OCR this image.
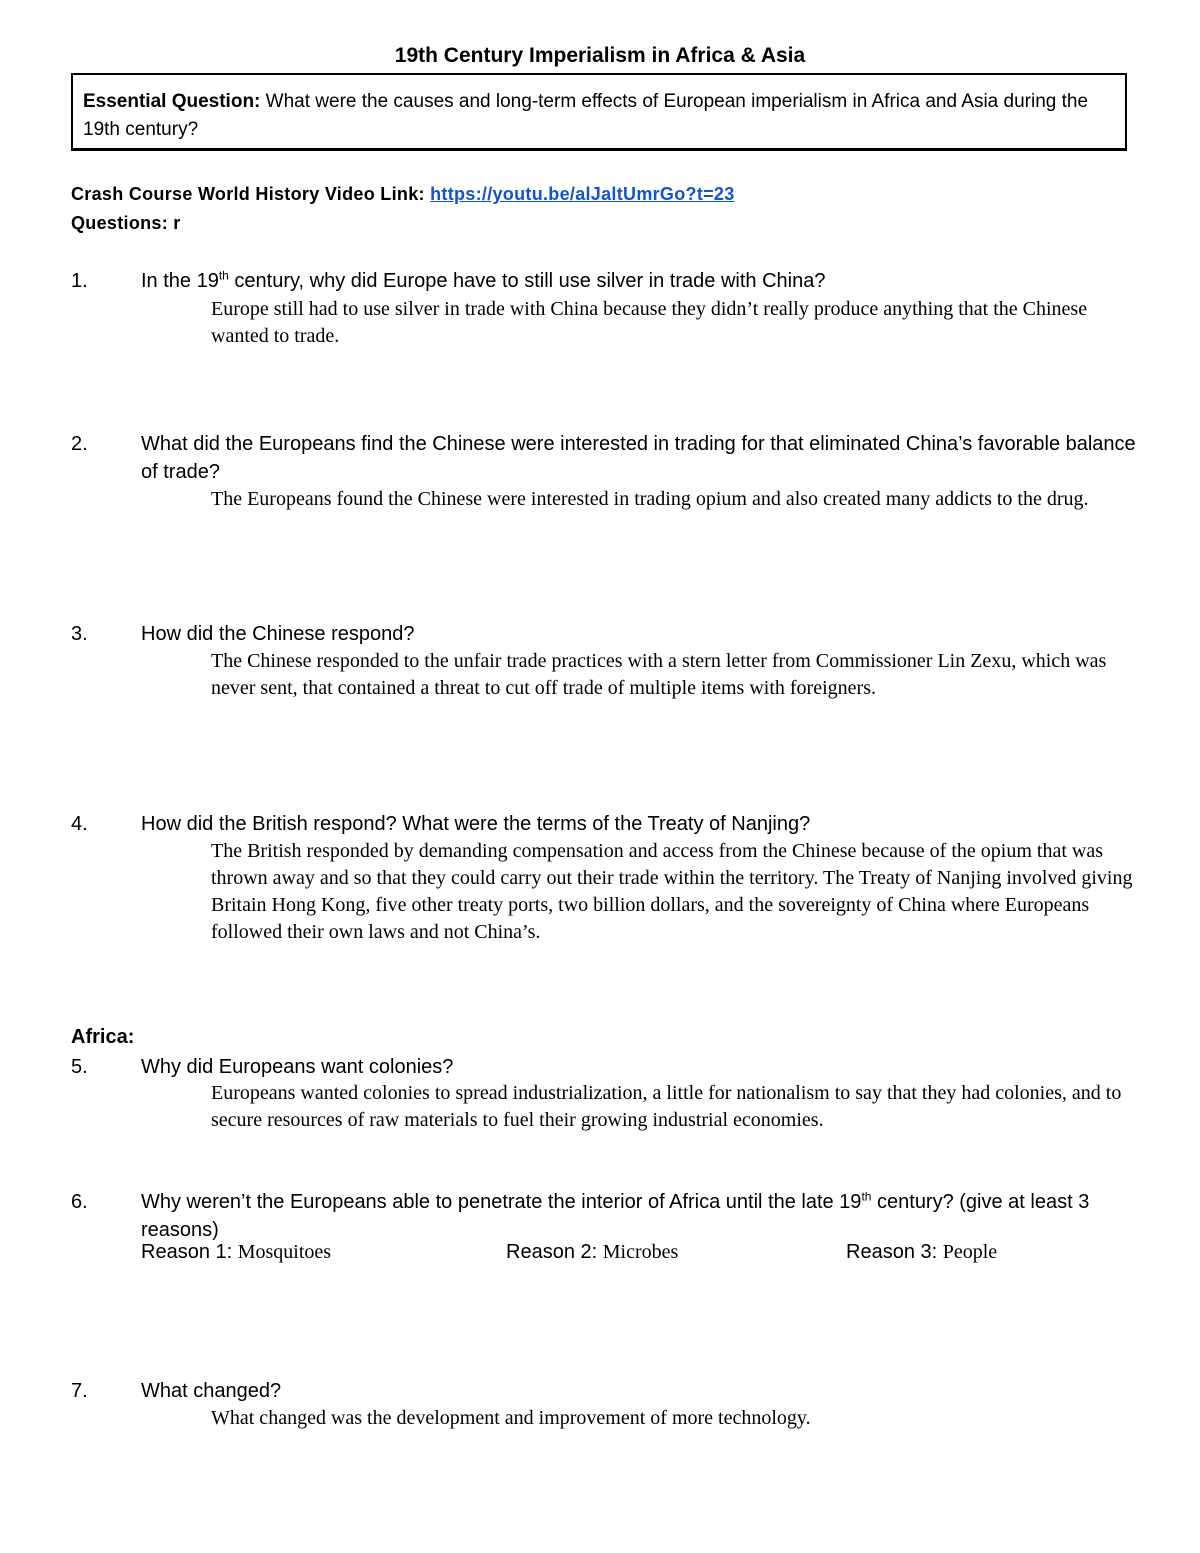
19th Century Imperialism in Africa & Asia
Essential Question: What were the causes and long-term effects of European imperialism in Africa and Asia during the 19th century?
Crash Course World History Video Link: https://youtu.be/alJaltUmrGo?t=23
Questions: r
1.	In the 19th century, why did Europe have to still use silver in trade with China?
Europe still had to use silver in trade with China because they didn’t really produce anything that the Chinese wanted to trade.
2.	What did the Europeans find the Chinese were interested in trading for that eliminated China’s favorable balance of trade?
The Europeans found the Chinese were interested in trading opium and also created many addicts to the drug.
3.	How did the Chinese respond?
The Chinese responded to the unfair trade practices with a stern letter from Commissioner Lin Zexu, which was never sent, that contained a threat to cut off trade of multiple items with foreigners.
4.	How did the British respond? What were the terms of the Treaty of Nanjing?
The British responded by demanding compensation and access from the Chinese because of the opium that was thrown away and so that they could carry out their trade within the territory. The Treaty of Nanjing involved giving Britain Hong Kong, five other treaty ports, two billion dollars, and the sovereignty of China where Europeans followed their own laws and not China’s.
Africa:
5.	Why did Europeans want colonies?
Europeans wanted colonies to spread industrialization, a little for nationalism to say that they had colonies, and to secure resources of raw materials to fuel their growing industrial economies.
6.	Why weren’t the Europeans able to penetrate the interior of Africa until the late 19th century? (give at least 3 reasons)
Reason 1: Mosquitoes	Reason 2: Microbes	Reason 3: People
7.	What changed?
What changed was the development and improvement of more technology.
